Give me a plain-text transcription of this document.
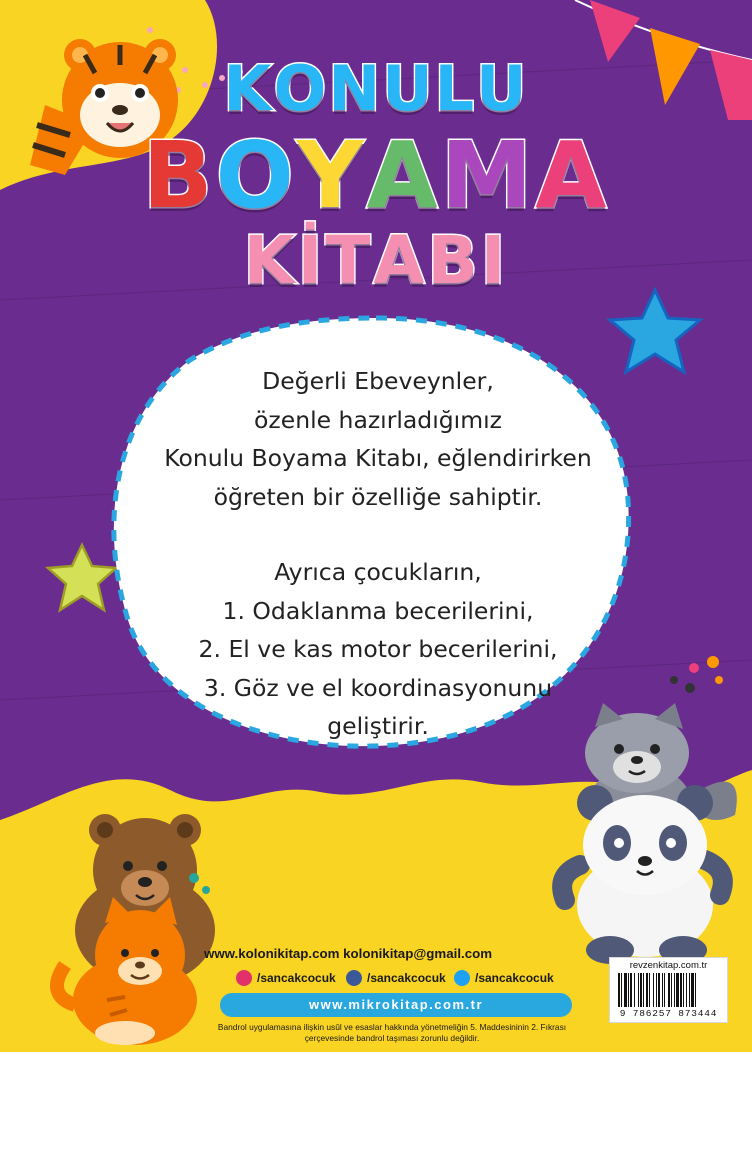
KONULU
BOYAMA
KİTABI

Değerli Ebeveynler,

özenle hazırladığımız

Konulu Boyama Kitabı, eğlendirirken

öğreten bir özelliğe sahiptir.

Ayrıca çocukların,

1. Odaklanma becerilerini,

2. El ve kas motor becerilerini,

3. Göz ve el koordinasyonunu

geliştirir.

www.kolonikitap.com kolonikitap@gmail.com
/sancakcocuk	/sancakcocuk /sancakcocuk
www.mikrokitap.com.tr
Bandrol uygulamasına ilişkin usûl ve esaslar hakkında yönetmeliğin 5. Maddesininin 2. Fıkrası çerçevesinde bandrol taşıması zorunlu değildir.
revzenkitap.com.tr
9 786257 873444
